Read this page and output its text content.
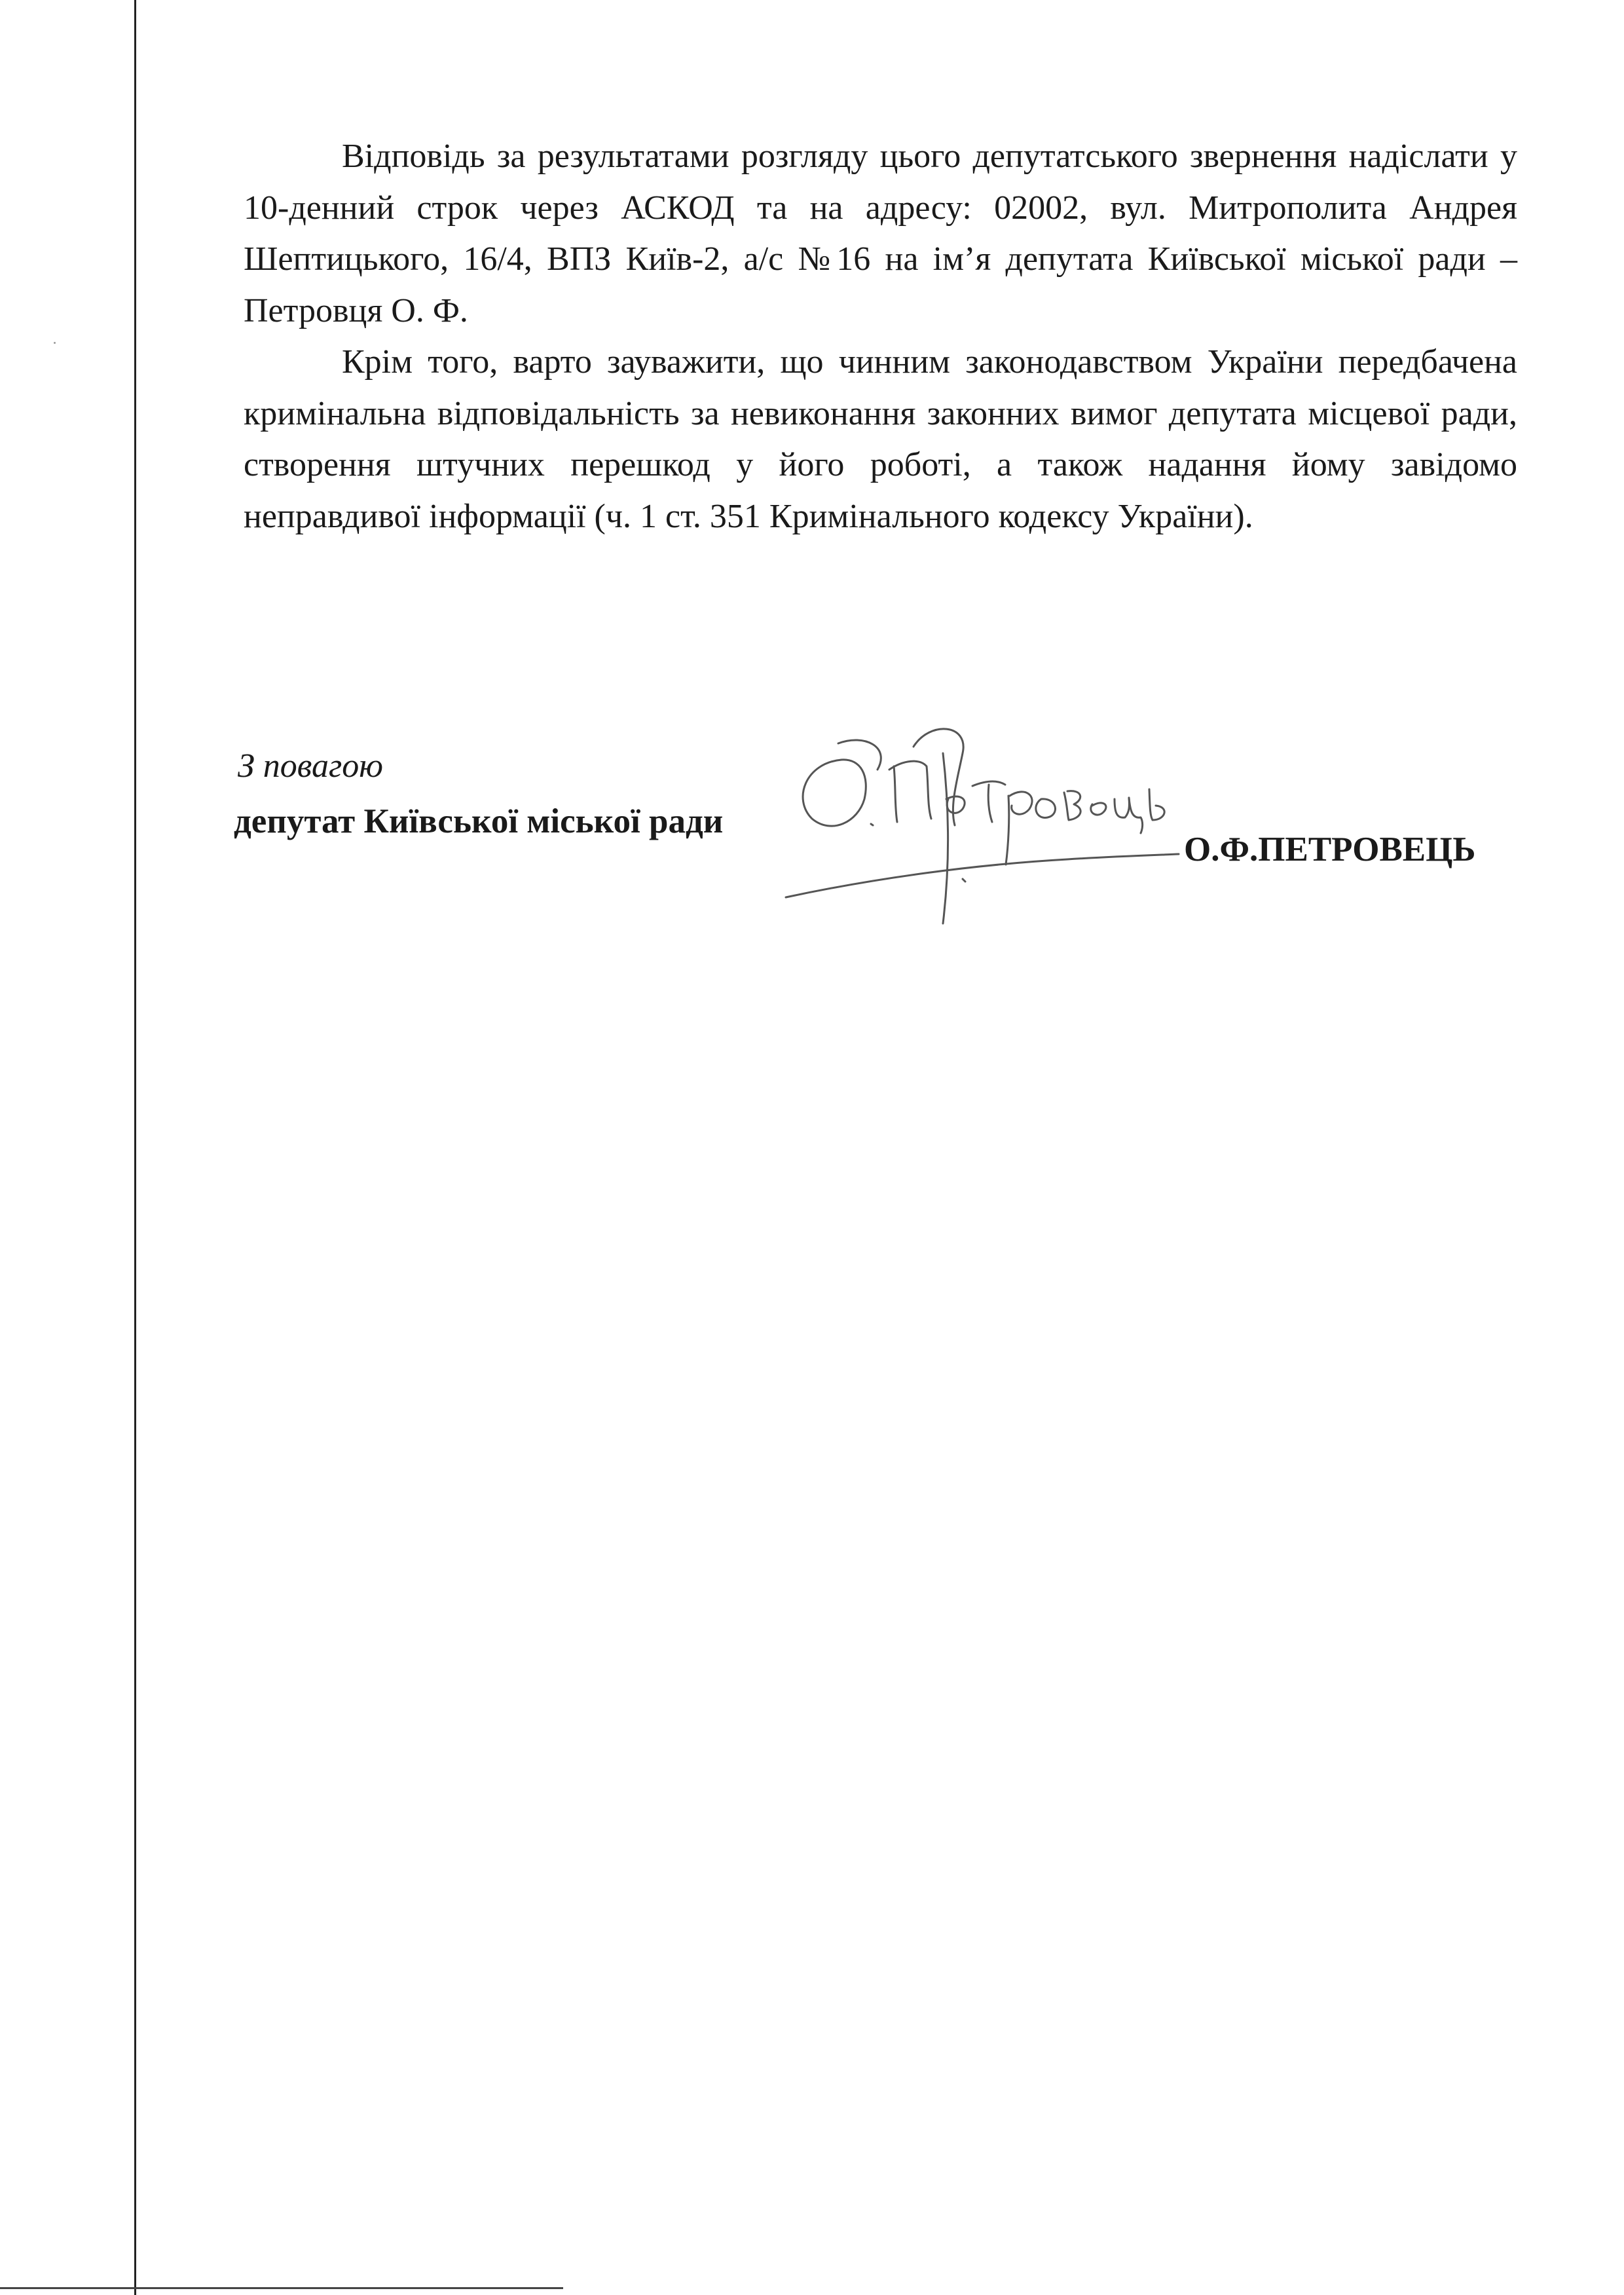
Відповідь за результатами розгляду цього депутатського звернення надіслати у 10-денний строк через АСКОД та на адресу: 02002, вул. Митрополита Андрея Шептицького, 16/4, ВПЗ Київ-2, а/с №16 на ім’я депутата Київської міської ради – Петровця О. Ф.

Крім того, варто зауважити, що чинним законодавством України передбачена кримінальна відповідальність за невиконання законних вимог депутата місцевої ради, створення штучних перешкод у його роботі, а також надання йому завідомо неправдивої інформації (ч. 1 ст. 351 Кримінального кодексу України).

З повагою
депутат Київської міської ради
О.Ф.ПЕТРОВЕЦЬ
